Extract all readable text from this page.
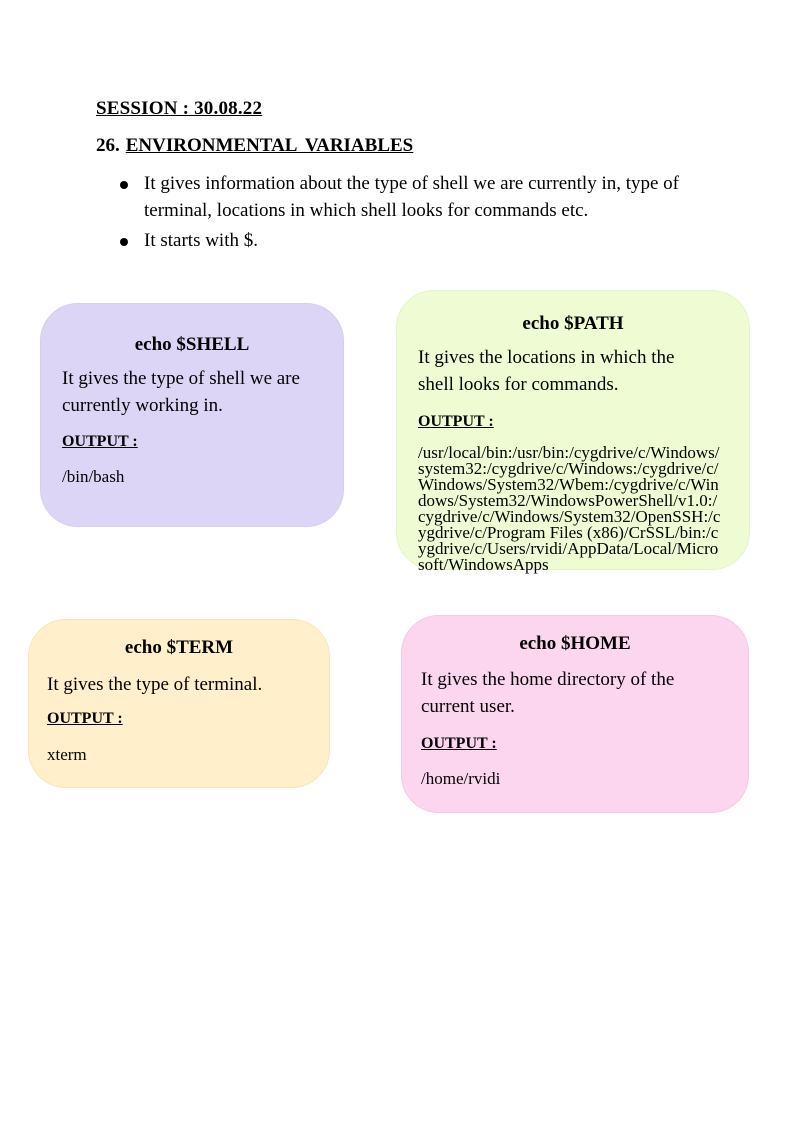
SESSION : 30.08.22
26. ENVIRONMENTAL VARIABLES
It gives information about the type of shell we are currently in, type of terminal, locations in which shell looks for commands etc.
It starts with $.
echo $SHELL
It gives the type of shell we are currently working in.
OUTPUT :
/bin/bash
echo $PATH
It gives the locations in which the shell looks for commands.
OUTPUT :
/usr/local/bin:/usr/bin:/cygdrive/c/Windows/system32:/cygdrive/c/Windows:/cygdrive/c/Windows/System32/Wbem:/cygdrive/c/Windows/System32/WindowsPowerShell/v1.0:/cygdrive/c/Windows/System32/OpenSSH:/cygdrive/c/Program Files (x86)/CrSSL/bin:/cygdrive/c/Users/rvidi/AppData/Local/Microsoft/WindowsApps
echo $TERM
It gives the type of terminal.
OUTPUT :
xterm
echo $HOME
It gives the home directory of the current user.
OUTPUT :
/home/rvidi
